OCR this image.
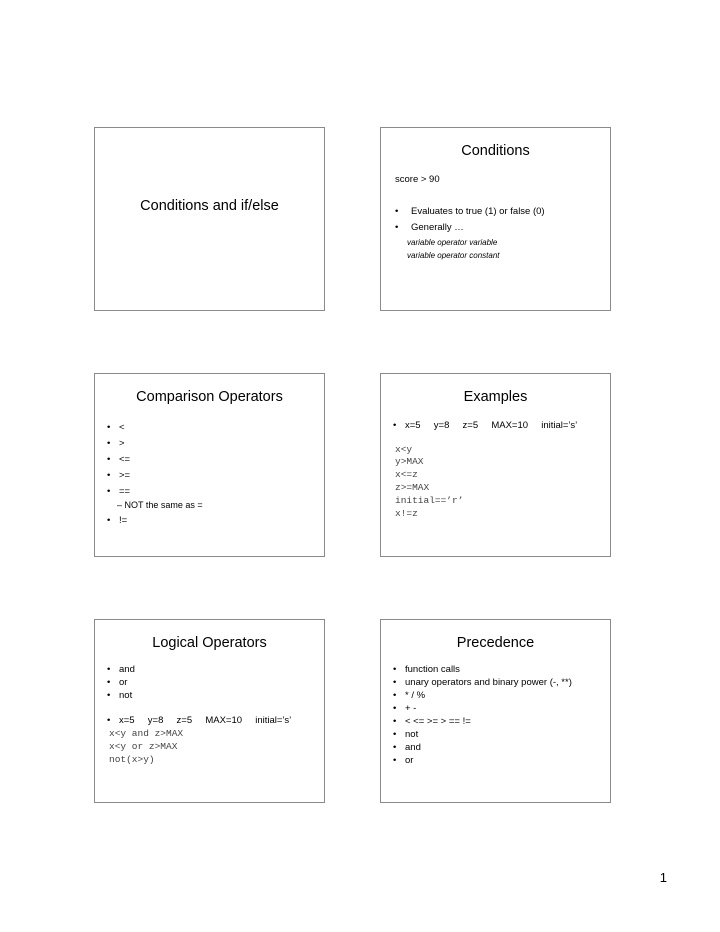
Conditions and if/else
Conditions
score > 90
• Evaluates to true (1) or false (0)
• Generally …
variable operator variable
variable operator constant
Comparison Operators
• <
• >
• <=
• >=
• ==
– NOT the same as =
• !=
Examples
• x=5     y=8     z=5     MAX=10     initial=’s’
x<y
y>MAX
x<=z
z>=MAX
initial==’r’
x!=z
Logical Operators
• and
• or
• not
• x=5     y=8     z=5     MAX=10     initial=’s’
x<y and z>MAX
x<y or z>MAX
not(x>y)
Precedence
• function calls
• unary operators and binary power (-, **)
• * / %
• + -
• < <= >= > == !=
• not
• and
• or
1
